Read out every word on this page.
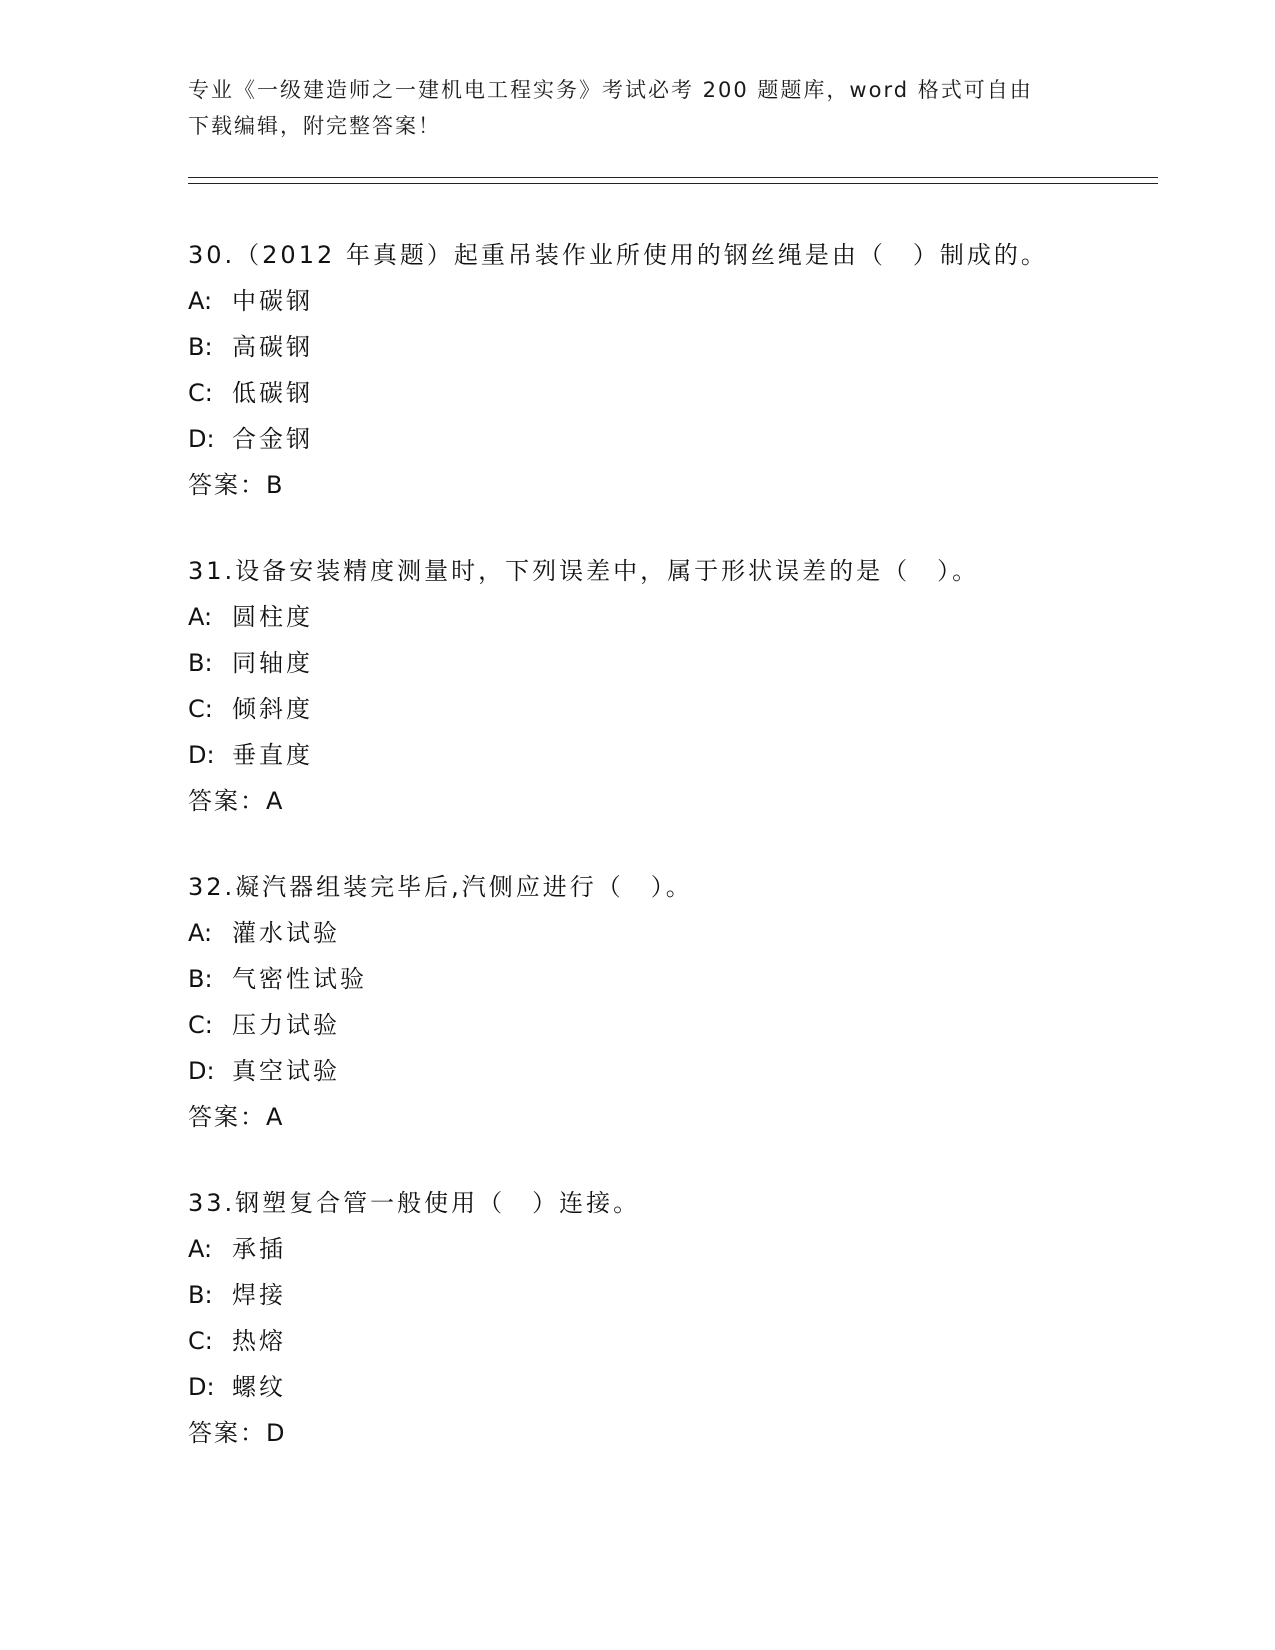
专业《一级建造师之一建机电工程实务》考试必考 200 题题库，word 格式可自由
下载编辑，附完整答案！
30.（2012 年真题）起重吊装作业所使用的钢丝绳是由（　）制成的。
A: 中碳钢
B: 高碳钢
C: 低碳钢
D: 合金钢
答案：B
31.设备安装精度测量时，下列误差中，属于形状误差的是（　）。
A: 圆柱度
B: 同轴度
C: 倾斜度
D: 垂直度
答案：A
32.凝汽器组装完毕后,汽侧应进行（　）。
A: 灌水试验
B: 气密性试验
C: 压力试验
D: 真空试验
答案：A
33.钢塑复合管一般使用（　）连接。
A: 承插
B: 焊接
C: 热熔
D: 螺纹
答案：D
